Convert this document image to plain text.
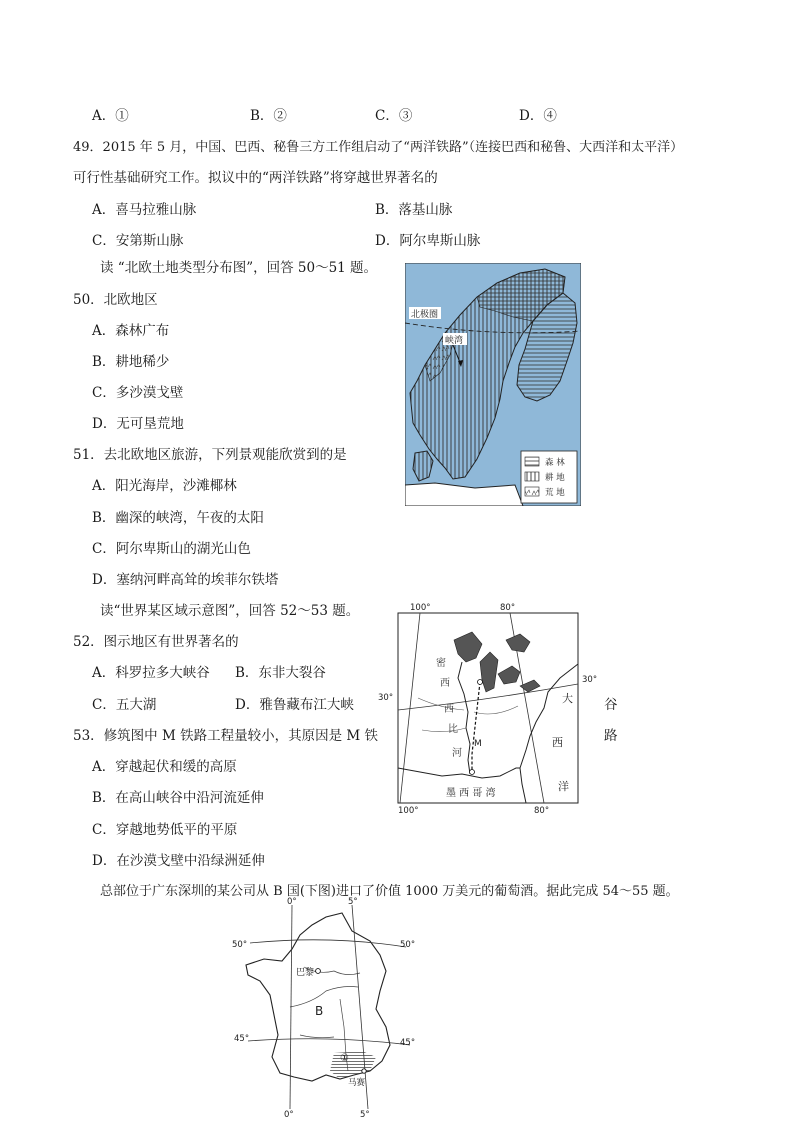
A．①	B．②	C．③	D．④
49．2015 年 5 月，中国、巴西、秘鲁三方工作组启动了“两洋铁路”（连接巴西和秘鲁、大西洋和太平洋）
可行性基础研究工作。拟议中的“两洋铁路”将穿越世界著名的
A．喜马拉雅山脉	B．落基山脉
C．安第斯山脉	D．阿尔卑斯山脉
读 “北欧土地类型分布图”，回答 50～51 题。
50．北欧地区
A．森林广布
B．耕地稀少
C．多沙漠戈壁
D．无可垦荒地
51．去北欧地区旅游，下列景观能欣赏到的是
A．阳光海岸，沙滩椰林
B．幽深的峡湾，午夜的太阳
C．阿尔卑斯山的湖光山色
D．塞纳河畔高耸的埃菲尔铁塔
读“世界某区域示意图”，回答 52～53 题。
52．图示地区有世界著名的
A．科罗拉多大峡谷 B．东非大裂谷
C．五大湖	D．雅鲁藏布江大峡	谷
53．修筑图中 M 铁路工程量较小，其原因是 M 铁	路
A．穿越起伏和缓的高原
B．在高山峡谷中沿河流延伸
C．穿越地势低平的平原
D．在沙漠戈壁中沿绿洲延伸
总部位于广东深圳的某公司从 B 国(下图)进口了价值 1000 万美元的葡萄酒。据此完成 54～55 题。
北极圈
峡湾
森 林
耕 地
荒 地
M
密
西
西
比
河
墨 西 哥 湾
大
西
洋
100°	80°
100°	80°
30°
30°
0°	5°
0°	5°
50°	50°
45°	45°
巴黎
B
①
马赛
